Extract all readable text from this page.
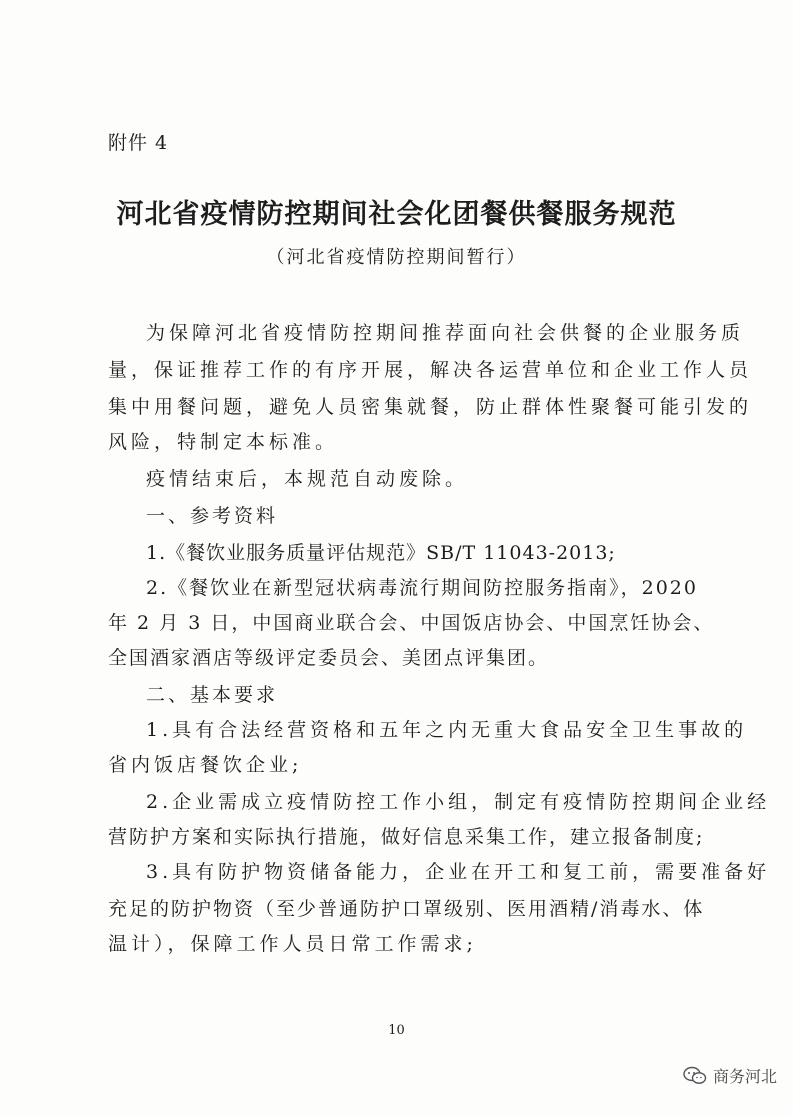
附件 4
河北省疫情防控期间社会化团餐供餐服务规范
（河北省疫情防控期间暂行）
为保障河北省疫情防控期间推荐面向社会供餐的企业服务质
量，保证推荐工作的有序开展，解决各运营单位和企业工作人员
集中用餐问题，避免人员密集就餐，防止群体性聚餐可能引发的
风险，特制定本标准。
疫情结束后，本规范自动废除。
一、参考资料
1.《餐饮业服务质量评估规范》SB/T 11043-2013;
2.《餐饮业在新型冠状病毒流行期间防控服务指南》，2020
年 2 月 3 日，中国商业联合会、中国饭店协会、中国烹饪协会、
全国酒家酒店等级评定委员会、美团点评集团。
二、基本要求
1.具有合法经营资格和五年之内无重大食品安全卫生事故的
省内饭店餐饮企业;
2.企业需成立疫情防控工作小组，制定有疫情防控期间企业经
营防护方案和实际执行措施，做好信息采集工作，建立报备制度;
3.具有防护物资储备能力，企业在开工和复工前，需要准备好
充足的防护物资（至少普通防护口罩级别、医用酒精/消毒水、体
温计），保障工作人员日常工作需求;
10
商务河北
